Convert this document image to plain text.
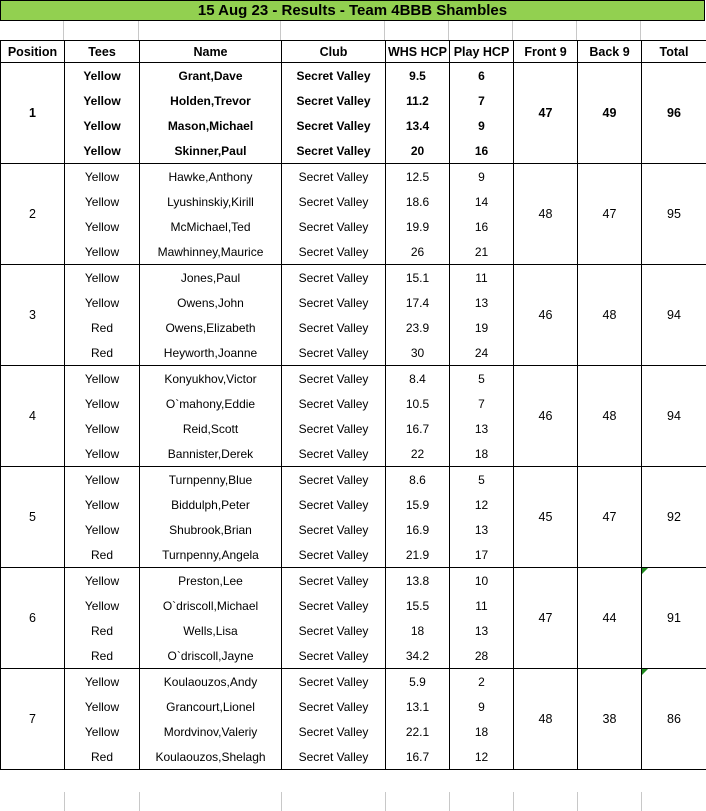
15 Aug 23 - Results - Team 4BBB Shambles
Position	Tees	Name	Club	WHS HCP	Play HCP	Front 9	Back 9	Total
1	Yellow	Grant,Dave	Secret Valley	9.5	6	47	49	96
	Yellow	Holden,Trevor	Secret Valley	11.2	7			
	Yellow	Mason,Michael	Secret Valley	13.4	9			
	Yellow	Skinner,Paul	Secret Valley	20	16			
2	Yellow	Hawke,Anthony	Secret Valley	12.5	9	48	47	95
	Yellow	Lyushinskiy,Kirill	Secret Valley	18.6	14			
	Yellow	McMichael,Ted	Secret Valley	19.9	16			
	Yellow	Mawhinney,Maurice	Secret Valley	26	21			
3	Yellow	Jones,Paul	Secret Valley	15.1	11	46	48	94
	Yellow	Owens,John	Secret Valley	17.4	13			
	Red	Owens,Elizabeth	Secret Valley	23.9	19			
	Red	Heyworth,Joanne	Secret Valley	30	24			
4	Yellow	Konyukhov,Victor	Secret Valley	8.4	5	46	48	94
	Yellow	O`mahony,Eddie	Secret Valley	10.5	7			
	Yellow	Reid,Scott	Secret Valley	16.7	13			
	Yellow	Bannister,Derek	Secret Valley	22	18			
5	Yellow	Turnpenny,Blue	Secret Valley	8.6	5	45	47	92
	Yellow	Biddulph,Peter	Secret Valley	15.9	12			
	Yellow	Shubrook,Brian	Secret Valley	16.9	13			
	Red	Turnpenny,Angela	Secret Valley	21.9	17			
6	Yellow	Preston,Lee	Secret Valley	13.8	10	47	44	91
	Yellow	O`driscoll,Michael	Secret Valley	15.5	11			
	Red	Wells,Lisa	Secret Valley	18	13			
	Red	O`driscoll,Jayne	Secret Valley	34.2	28			
7	Yellow	Koulaouzos,Andy	Secret Valley	5.9	2	48	38	86
	Yellow	Grancourt,Lionel	Secret Valley	13.1	9			
	Yellow	Mordvinov,Valeriy	Secret Valley	22.1	18			
	Red	Koulaouzos,Shelagh	Secret Valley	16.7	12			
